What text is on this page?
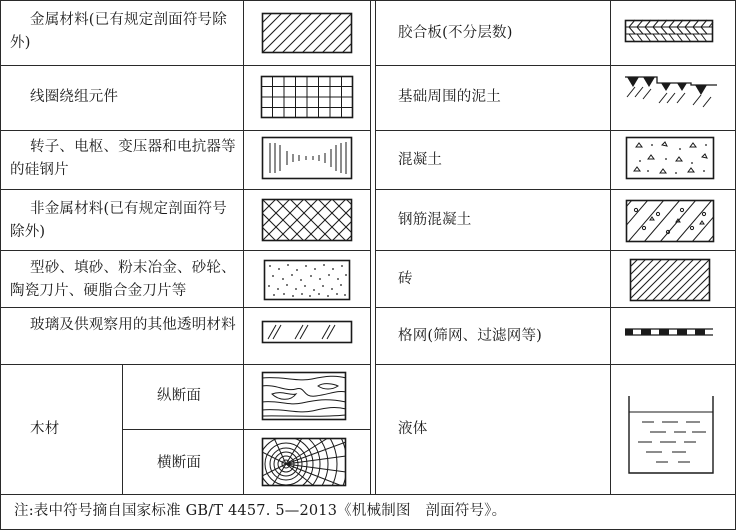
金属材料(已有规定剖面符号除外)
线圈绕组元件
转子、电枢、变压器和电抗器等的硅钢片
非金属材料(已有规定剖面符号除外)
型砂、填砂、粉末冶金、砂轮、陶瓷刀片、硬脂合金刀片等
玻璃及供观察用的其他透明材料
木材
纵断面
横断面
胶合板(不分层数)
基础周围的泥土
混凝土
钢筋混凝土
砖
格网(筛网、过滤网等)
液体
注:表中符号摘自国家标准 GB/T 4457. 5—2013《机械制图　剖面符号》。
